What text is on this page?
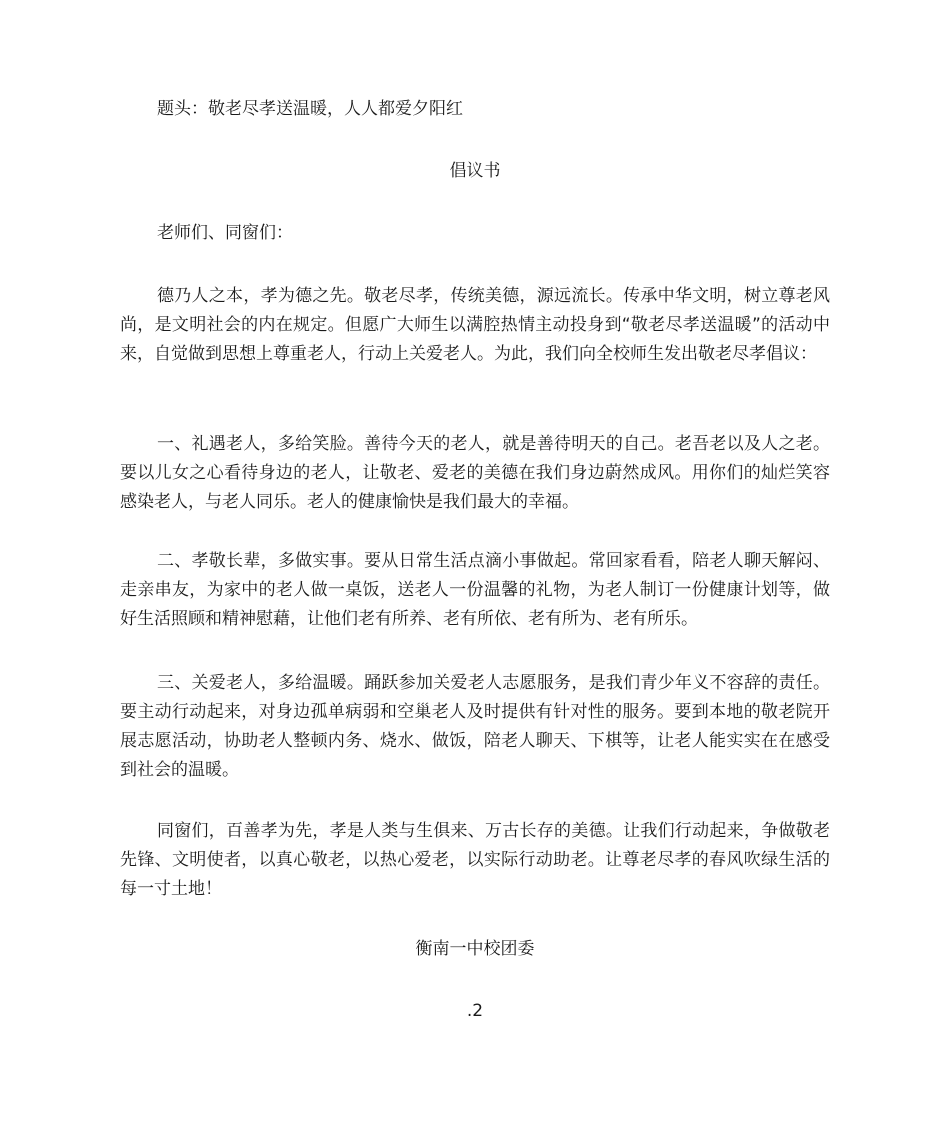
题头：敬老尽孝送温暖，人人都爱夕阳红

倡议书

老师们、同窗们：

德乃人之本，孝为德之先。敬老尽孝，传统美德，源远流长。传承中华文明，树立尊老风尚，是文明社会的内在规定。但愿广大师生以满腔热情主动投身到“敬老尽孝送温暖”的活动中来，自觉做到思想上尊重老人，行动上关爱老人。为此，我们向全校师生发出敬老尽孝倡议：

一、礼遇老人，多给笑脸。善待今天的老人，就是善待明天的自己。老吾老以及人之老。要以儿女之心看待身边的老人，让敬老、爱老的美德在我们身边蔚然成风。用你们的灿烂笑容感染老人，与老人同乐。老人的健康愉快是我们最大的幸福。

二、孝敬长辈，多做实事。要从日常生活点滴小事做起。常回家看看，陪老人聊天解闷、走亲串友，为家中的老人做一桌饭，送老人一份温馨的礼物，为老人制订一份健康计划等，做好生活照顾和精神慰藉，让他们老有所养、老有所依、老有所为、老有所乐。

三、关爱老人，多给温暖。踊跃参加关爱老人志愿服务，是我们青少年义不容辞的责任。要主动行动起来，对身边孤单病弱和空巢老人及时提供有针对性的服务。要到本地的敬老院开展志愿活动，协助老人整顿内务、烧水、做饭，陪老人聊天、下棋等，让老人能实实在在感受到社会的温暖。

同窗们，百善孝为先，孝是人类与生俱来、万古长存的美德。让我们行动起来，争做敬老先锋、文明使者，以真心敬老，以热心爱老，以实际行动助老。让尊老尽孝的春风吹绿生活的每一寸土地！

衡南一中校团委

.2
